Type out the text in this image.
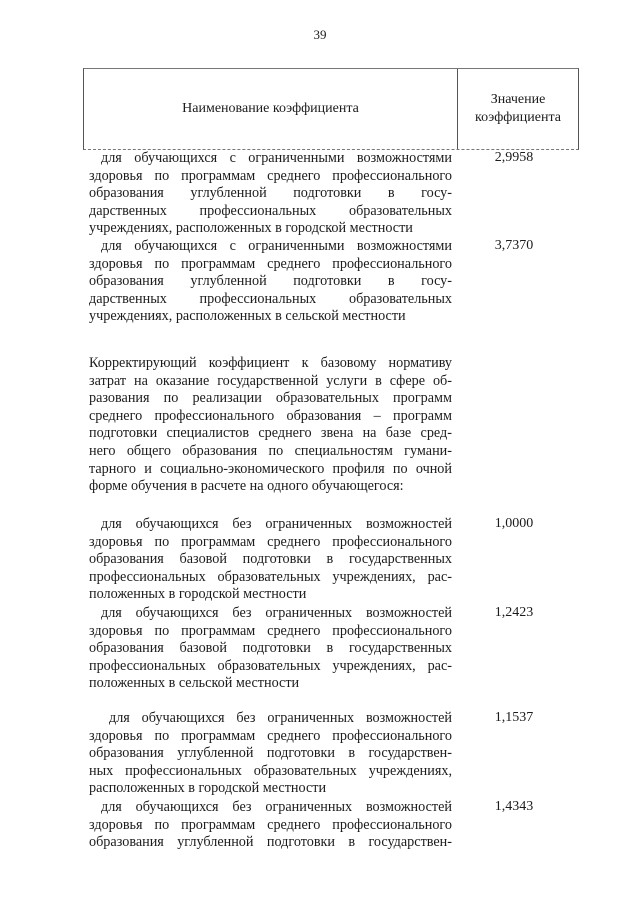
39
Наименование коэффициента
Значение
коэффициента
для обучающихся с ограниченными возможностями
здоровья по программам среднего профессионального
образования углубленной подготовки в госу-
дарственных профессиональных образовательных
учреждениях, расположенных в городской местности
2,9958
для обучающихся с ограниченными возможностями
здоровья по программам среднего профессионального
образования углубленной подготовки в госу-
дарственных профессиональных образовательных
учреждениях, расположенных в сельской местности
3,7370
Корректирующий коэффициент к базовому нормативу
затрат на оказание государственной услуги в сфере об-
разования по реализации образовательных программ
среднего профессионального образования – программ
подготовки специалистов среднего звена на базе сред-
него общего образования по специальностям гумани-
тарного и социально-экономического профиля по очной
форме обучения в расчете на одного обучающегося:
для обучающихся без ограниченных возможностей
здоровья по программам среднего профессионального
образования базовой подготовки в государственных
профессиональных образовательных учреждениях, рас-
положенных в городской местности
1,0000
для обучающихся без ограниченных возможностей
здоровья по программам среднего профессионального
образования базовой подготовки в государственных
профессиональных образовательных учреждениях, рас-
положенных в сельской местности
1,2423
для обучающихся без ограниченных возможностей
здоровья по программам среднего профессионального
образования углубленной подготовки в государствен-
ных профессиональных образовательных учреждениях,
расположенных в городской местности
1,1537
для обучающихся без ограниченных возможностей
здоровья по программам среднего профессионального
образования углубленной подготовки в государствен-
1,4343
